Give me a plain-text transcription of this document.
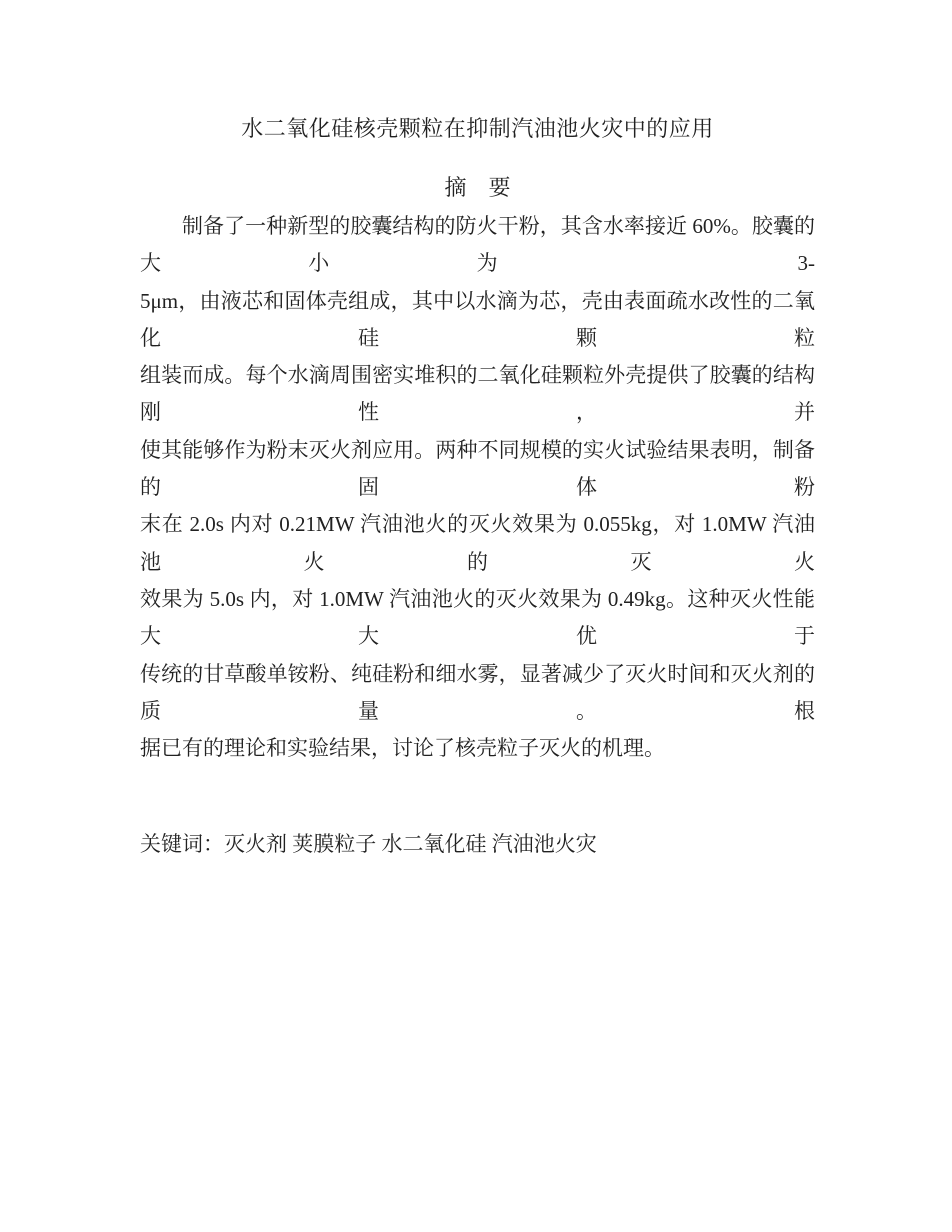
水二氧化硅核壳颗粒在抑制汽油池火灾中的应用
摘　要
制备了一种新型的胶囊结构的防火干粉，其含水率接近 60%。胶囊的大小为 3-
5μm，由液芯和固体壳组成，其中以水滴为芯，壳由表面疏水改性的二氧化硅颗粒
组装而成。每个水滴周围密实堆积的二氧化硅颗粒外壳提供了胶囊的结构刚性，并
使其能够作为粉末灭火剂应用。两种不同规模的实火试验结果表明，制备的固体粉
末在 2.0s 内对 0.21MW 汽油池火的灭火效果为 0.055kg，对 1.0MW 汽油池火的灭火
效果为 5.0s 内，对 1.0MW 汽油池火的灭火效果为 0.49kg。这种灭火性能大大优于
传统的甘草酸单铵粉、纯硅粉和细水雾，显著减少了灭火时间和灭火剂的质量。根
据已有的理论和实验结果，讨论了核壳粒子灭火的机理。
关键词：灭火剂 荚膜粒子 水二氧化硅 汽油池火灾
